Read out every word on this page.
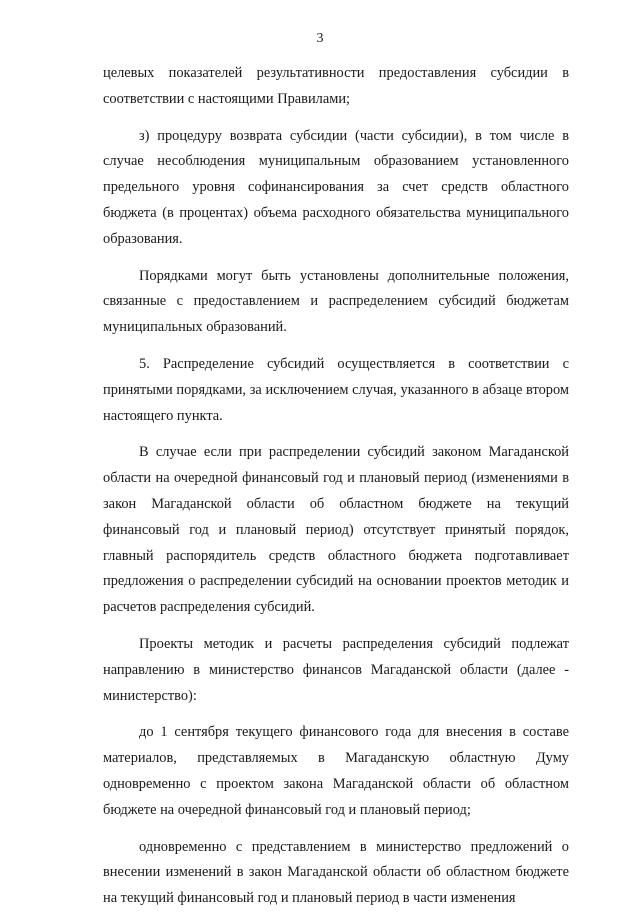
3

целевых показателей результативности предоставления субсидии в соответствии с настоящими Правилами;

з) процедуру возврата субсидии (части субсидии), в том числе в случае несоблюдения муниципальным образованием установленного предельного уровня софинансирования за счет средств областного бюджета (в процентах) объема расходного обязательства муниципального образования.

Порядками могут быть установлены дополнительные положения, связанные с предоставлением и распределением субсидий бюджетам муниципальных образований.

5. Распределение субсидий осуществляется в соответствии с принятыми порядками, за исключением случая, указанного в абзаце втором настоящего пункта.

В случае если при распределении субсидий законом Магаданской области на очередной финансовый год и плановый период (изменениями в закон Магаданской области об областном бюджете на текущий финансовый год и плановый период) отсутствует принятый порядок, главный распорядитель средств областного бюджета подготавливает предложения о распределении субсидий на основании проектов методик и расчетов распределения субсидий.

Проекты методик и расчеты распределения субсидий подлежат направлению в министерство финансов Магаданской области (далее - министерство):

до 1 сентября текущего финансового года для внесения в составе материалов, представляемых в Магаданскую областную Думу одновременно с проектом закона Магаданской области об областном бюджете на очередной финансовый год и плановый период;

одновременно с представлением в министерство предложений о внесении изменений в закон Магаданской области об областном бюджете на текущий финансовый год и плановый период в части изменения
